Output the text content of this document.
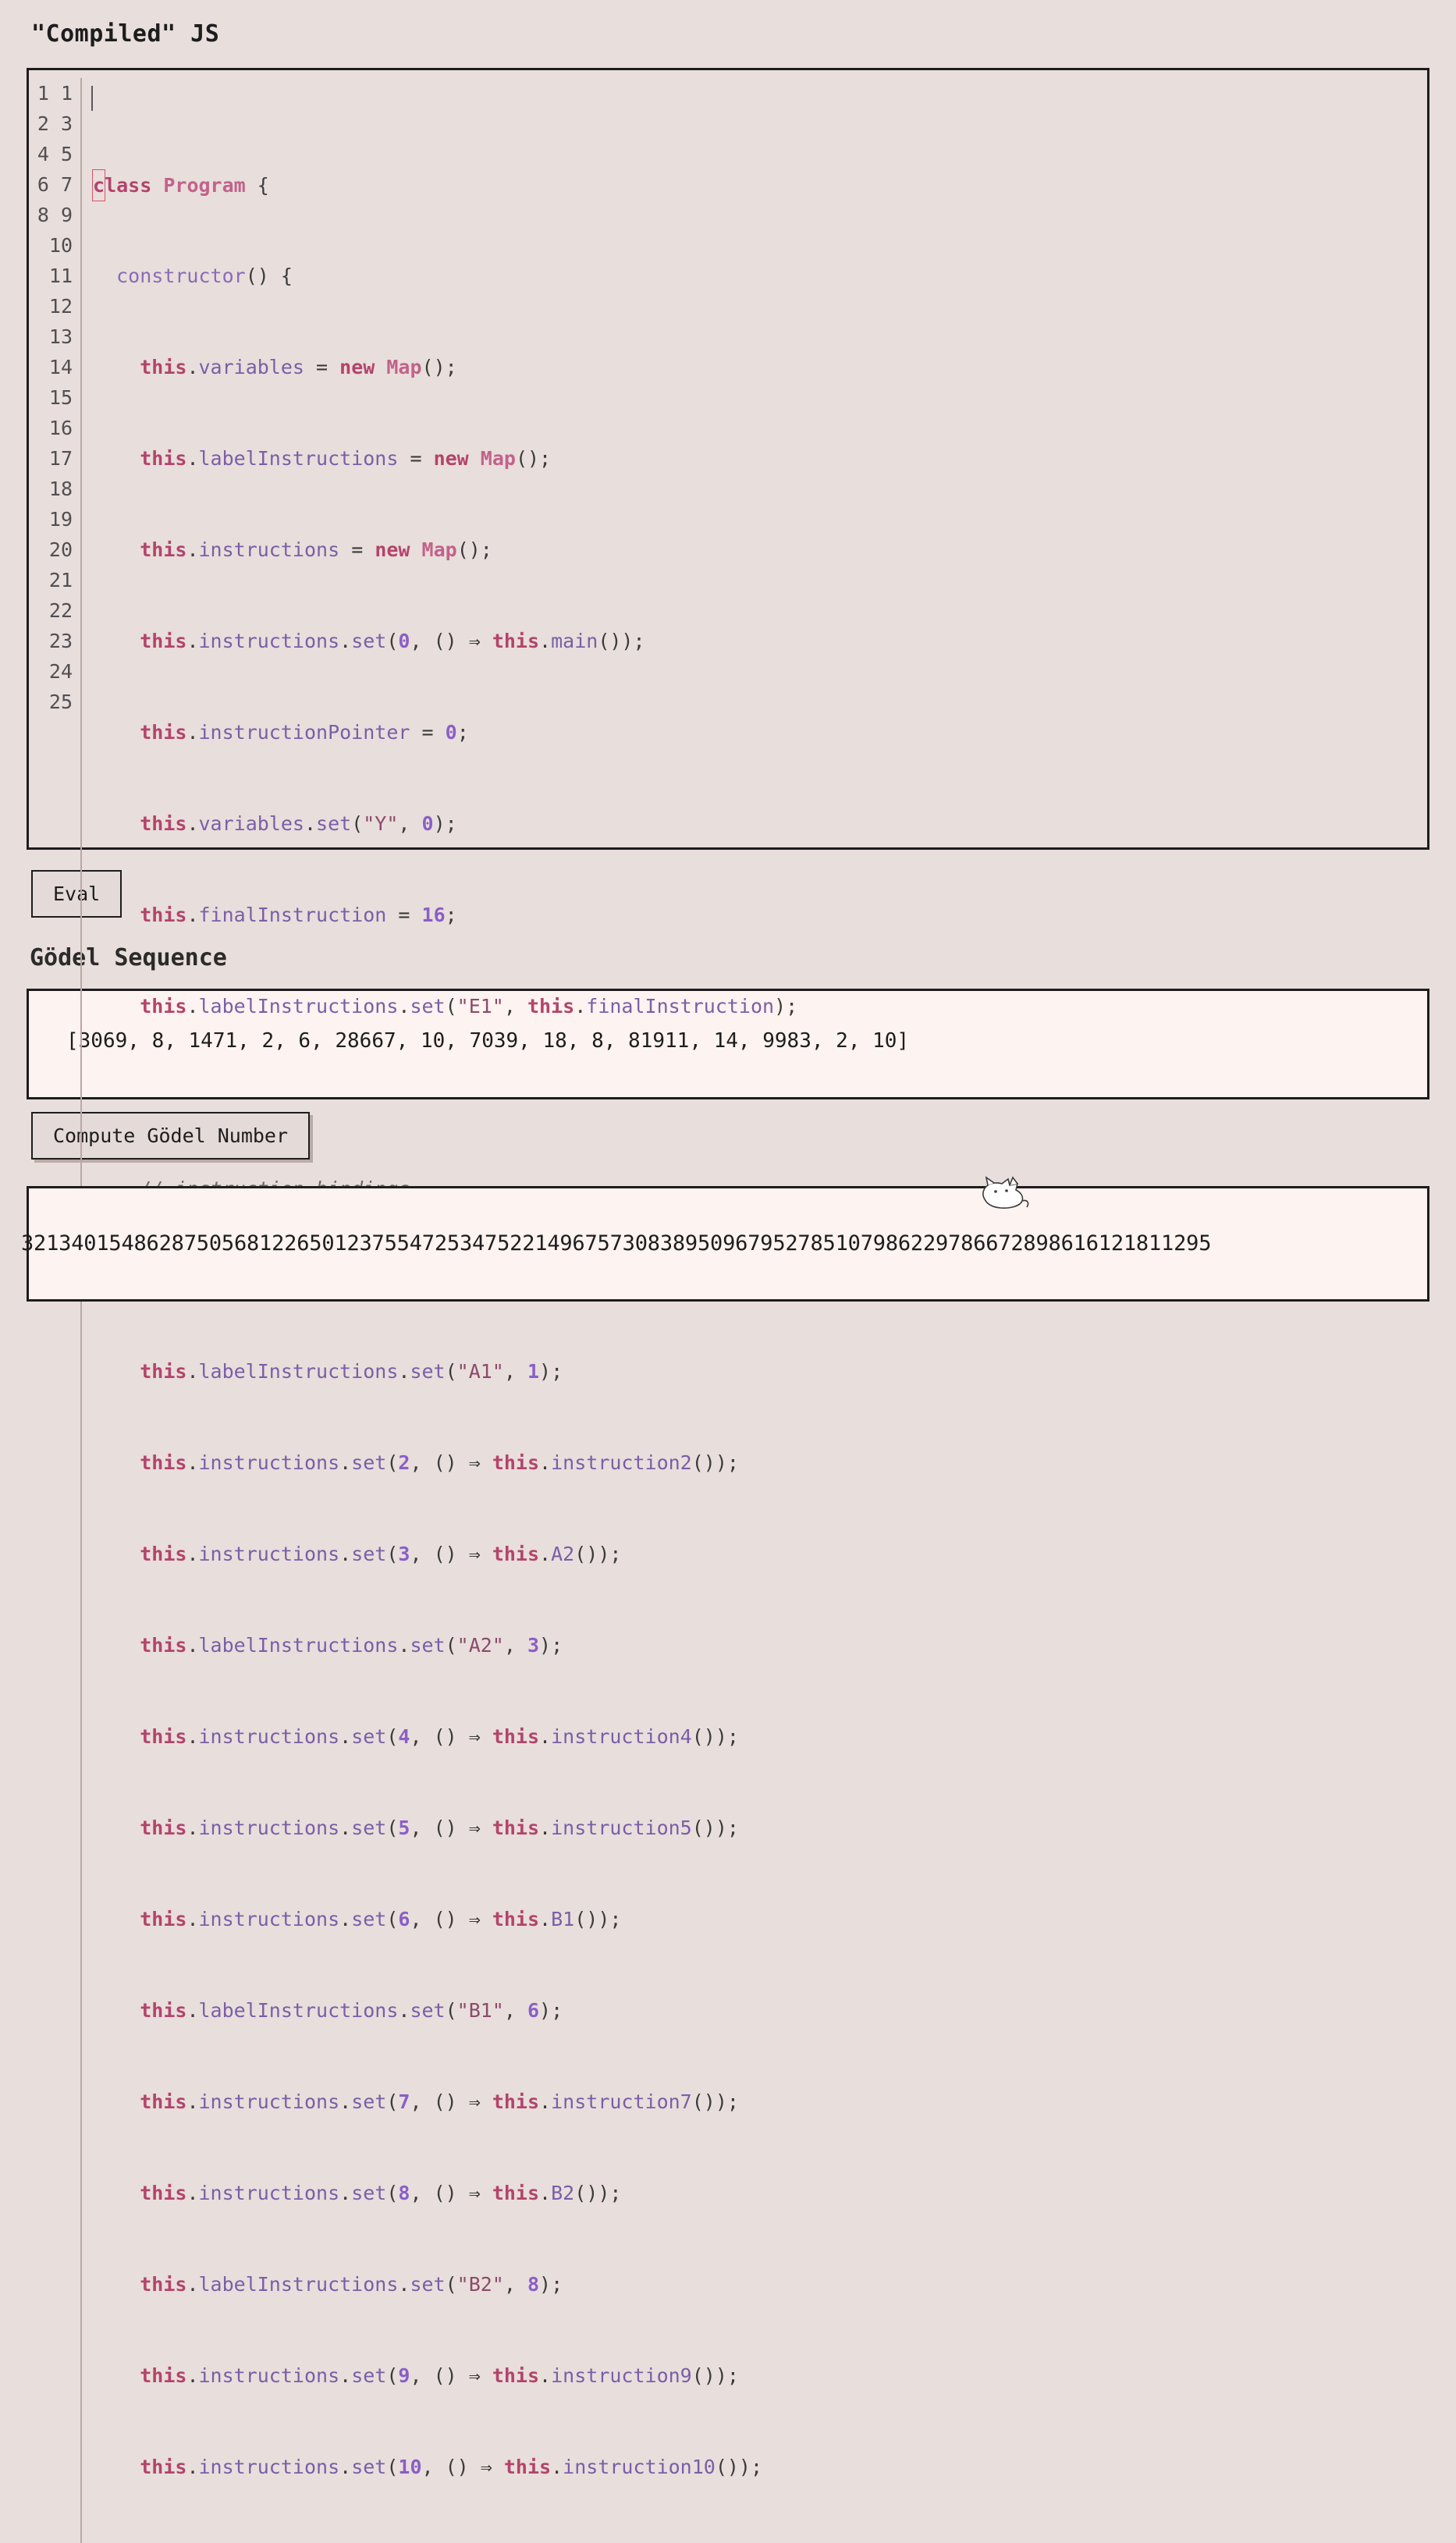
"Compiled" JS
1 1 2 3 4 5 6 7 8 9 10 11 12 13 14 15 16 17 18 19 20 21 22 23 24 25

class Program {

constructor() {

this.variables = new Map();

this.labelInstructions = new Map();

this.instructions = new Map();

this.instructions.set(0, () ⇒ this.main());

this.instructionPointer = 0;

this.variables.set("Y", 0);

this.finalInstruction = 16;

this.labelInstructions.set("E1", this.finalInstruction);

this.labelInstructions.set("A1", 1);

this.instructions.set(2, () ⇒ this.instruction2());

this.instructions.set(3, () ⇒ this.A2());

this.labelInstructions.set("A2", 3);

this.instructions.set(4, () ⇒ this.instruction4());

this.instructions.set(5, () ⇒ this.instruction5());

this.instructions.set(6, () ⇒ this.B1());

this.labelInstructions.set("B1", 6);

this.instructions.set(7, () ⇒ this.instruction7());

this.instructions.set(8, () ⇒ this.B2());

this.labelInstructions.set("B2", 8);

this.instructions.set(9, () ⇒ this.instruction9());

this.instructions.set(10, () ⇒ this.instruction10());

Eval
Gödel Sequence
[3069, 8, 1471, 2, 6, 28667, 10, 7039, 18, 8, 81911, 14, 9983, 2, 10]
Compute Gödel Number
32134015486287505681226501237554725347522149675730838950967952785107986229786672898616121811295
